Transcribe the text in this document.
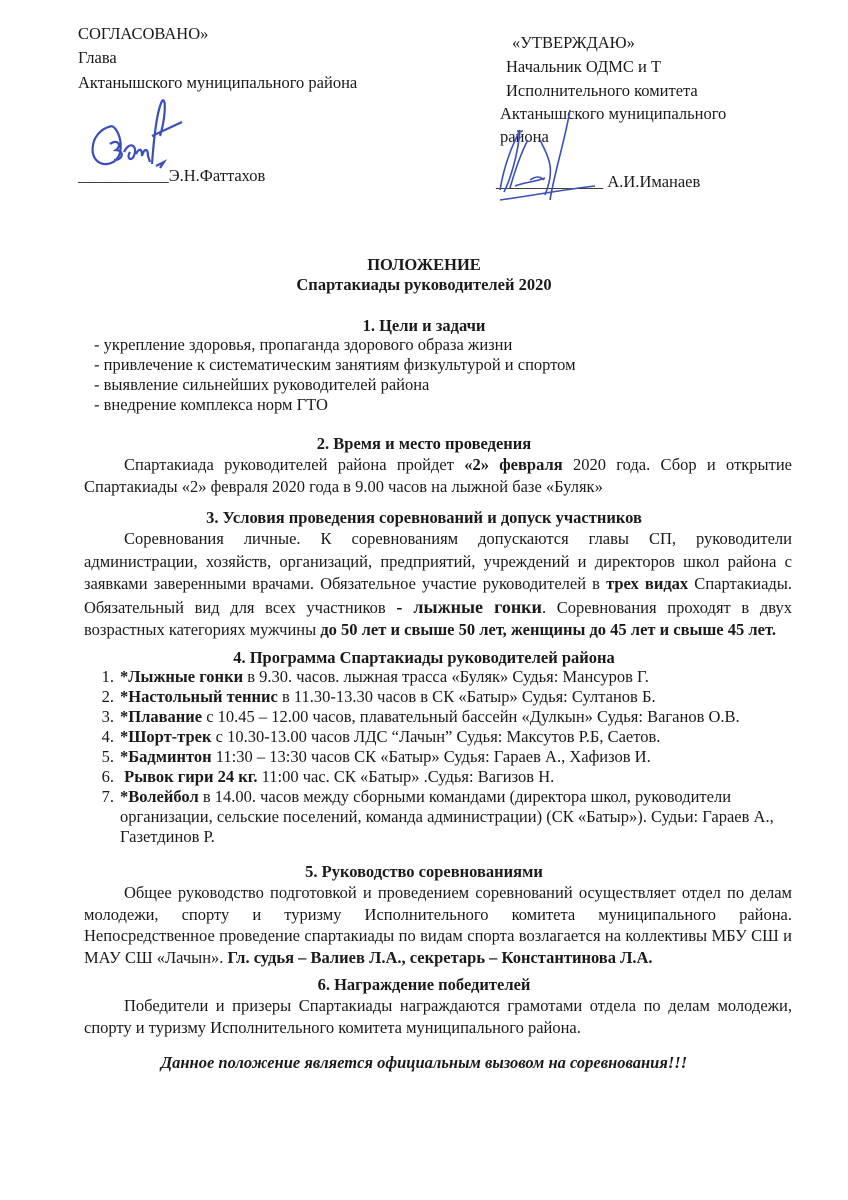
СОГЛАСОВАНО»
Глава
Актанышского муниципального района
___________Э.Н.Фаттахов
«УТВЕРЖДАЮ»
Начальник ОДМС и Т
Исполнительного комитета
Актанышского муниципального
района
_____________ А.И.Иманаев
ПОЛОЖЕНИЕ
Спартакиады руководителей 2020
1. Цели и задачи
- укрепление здоровья, пропаганда здорового образа жизни
- привлечение к систематическим занятиям физкультурой и спортом
- выявление сильнейших руководителей района
- внедрение комплекса норм ГТО
2. Время и место проведения
Спартакиада руководителей района пройдет «2» февраля 2020 года. Сбор и открытие Спартакиады «2» февраля 2020 года в 9.00 часов на лыжной базе «Буляк»
3. Условия проведения соревнований и допуск участников
Соревнования личные. К соревнованиям допускаются главы СП, руководители администрации, хозяйств, организаций, предприятий, учреждений и директоров школ района с заявками заверенными врачами. Обязательное участие руководителей в трех видах Спартакиады. Обязательный вид для всех участников - лыжные гонки. Соревнования проходят в двух возрастных категориях мужчины до 50 лет и свыше 50 лет, женщины до 45 лет и свыше 45 лет.
4. Программа Спартакиады руководителей района
1. *Лыжные гонки в 9.30. часов. лыжная трасса «Буляк» Судья: Мансуров Г.
2. *Настольный теннис в 11.30-13.30 часов в СК «Батыр» Судья: Султанов Б.
3. *Плавание с 10.45 – 12.00 часов, плавательный бассейн «Дулкын» Судья: Ваганов О.В.
4. *Шорт-трек с 10.30-13.00 часов ЛДС “Лачын” Судья: Максутов Р.Б, Саетов.
5. *Бадминтон 11:30 – 13:30 часов СК «Батыр» Судья: Гараев А., Хафизов И.
6. Рывок гири 24 кг. 11:00 час. СК «Батыр» .Судья: Вагизов Н.
7. *Волейбол в 14.00. часов между сборными командами (директора школ, руководители организации, сельские поселений, команда администрации) (СК «Батыр»). Судьи: Гараев А., Газетдинов Р.
5. Руководство соревнованиями
Общее руководство подготовкой и проведением соревнований осуществляет отдел по делам молодежи, спорту и туризму Исполнительного комитета муниципального района. Непосредственное проведение спартакиады по видам спорта возлагается на коллективы МБУ СШ и МАУ СШ «Лачын». Гл. судья – Валиев Л.А., секретарь – Константинова Л.А.
6. Награждение победителей
Победители и призеры Спартакиады награждаются грамотами отдела по делам молодежи, спорту и туризму Исполнительного комитета муниципального района.
Данное положение является официальным вызовом на соревнования!!!
